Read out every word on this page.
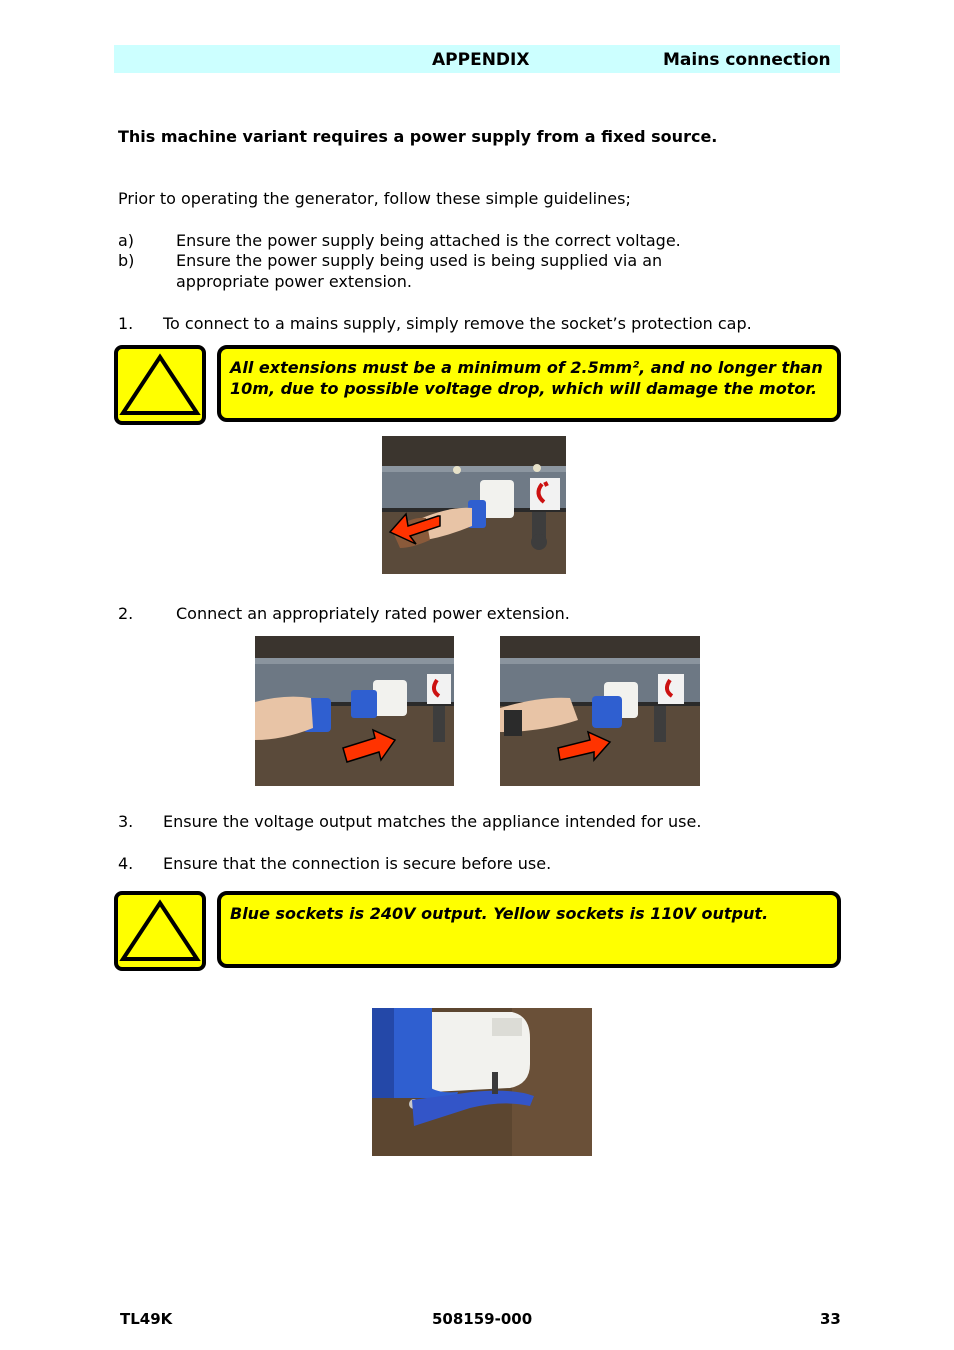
APPENDIX	Mains connection
This machine variant requires a power supply from a fixed source.
Prior to operating the generator, follow these simple guidelines;
a)	Ensure the power supply being attached is the correct voltage.
b)	Ensure the power supply being used is being supplied via an
appropriate power extension.
1. To connect to a mains supply, simply remove the socket’s protection cap.
All extensions must be a minimum of 2.5mm², and no longer than
10m, due to possible voltage drop, which will damage the motor.
2.	Connect an appropriately rated power extension.
3. Ensure the voltage output matches the appliance intended for use.
4. Ensure that the connection is secure before use.
Blue sockets is 240V output. Yellow sockets is 110V output.
TL49K	508159-000	33
